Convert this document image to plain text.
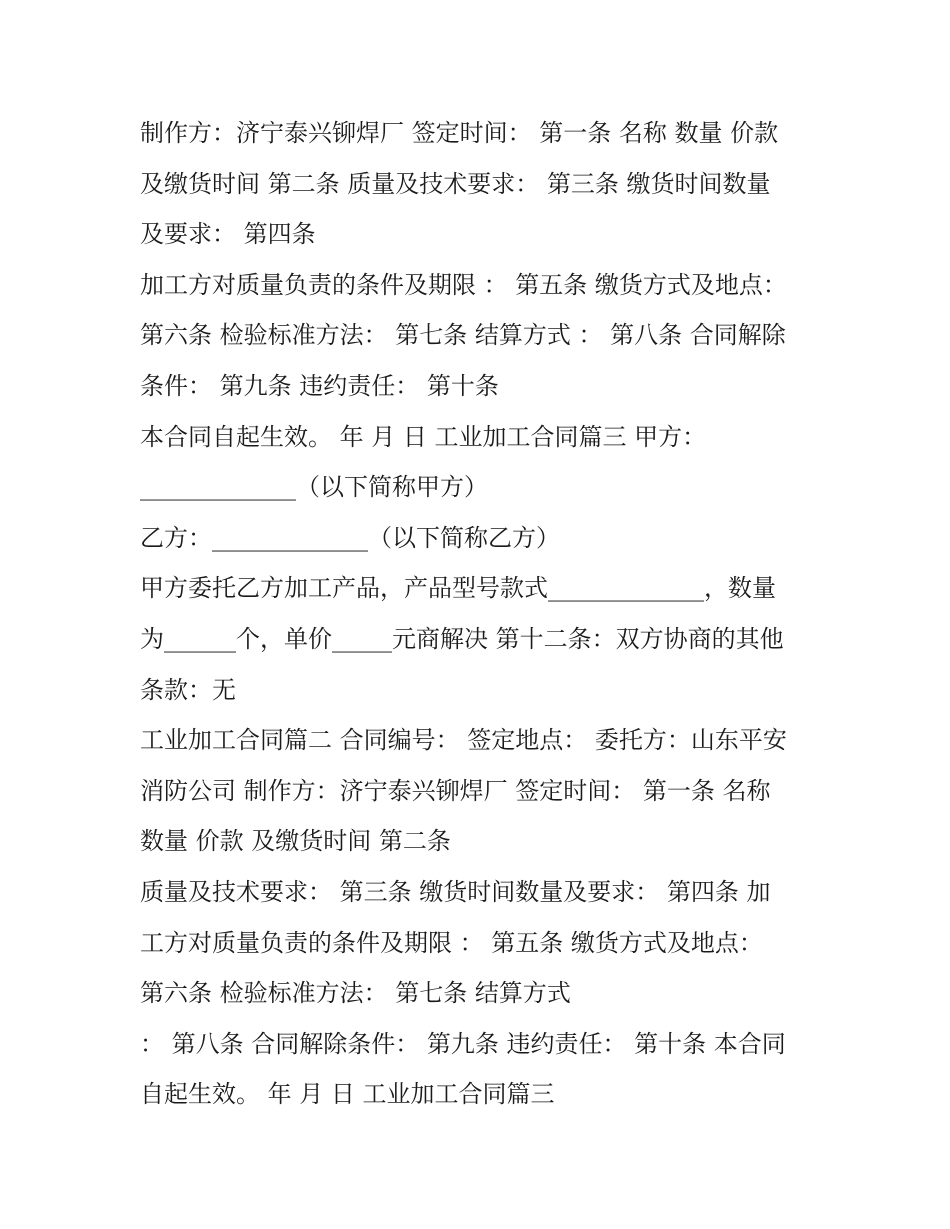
制作方：济宁泰兴铆焊厂 签定时间： 第一条 名称 数量 价款
及缴货时间 第二条 质量及技术要求： 第三条 缴货时间数量
及要求： 第四条
加工方对质量负责的条件及期限 ： 第五条 缴货方式及地点：
第六条 检验标准方法： 第七条 结算方式 ： 第八条 合同解除
条件： 第九条 违约责任： 第十条
本合同自起生效。 年 月 日 工业加工合同篇三 甲方：
_____________（以下简称甲方）
乙方：_____________（以下简称乙方）
甲方委托乙方加工产品，产品型号款式_____________，数量
为______个，单价_____元商解决 第十二条：双方协商的其他
条款：无
工业加工合同篇二 合同编号： 签定地点： 委托方：山东平安
消防公司 制作方：济宁泰兴铆焊厂 签定时间： 第一条 名称
数量 价款 及缴货时间 第二条
质量及技术要求： 第三条 缴货时间数量及要求： 第四条 加
工方对质量负责的条件及期限 ： 第五条 缴货方式及地点：
第六条 检验标准方法： 第七条 结算方式
： 第八条 合同解除条件： 第九条 违约责任： 第十条 本合同
自起生效。 年 月 日 工业加工合同篇三
